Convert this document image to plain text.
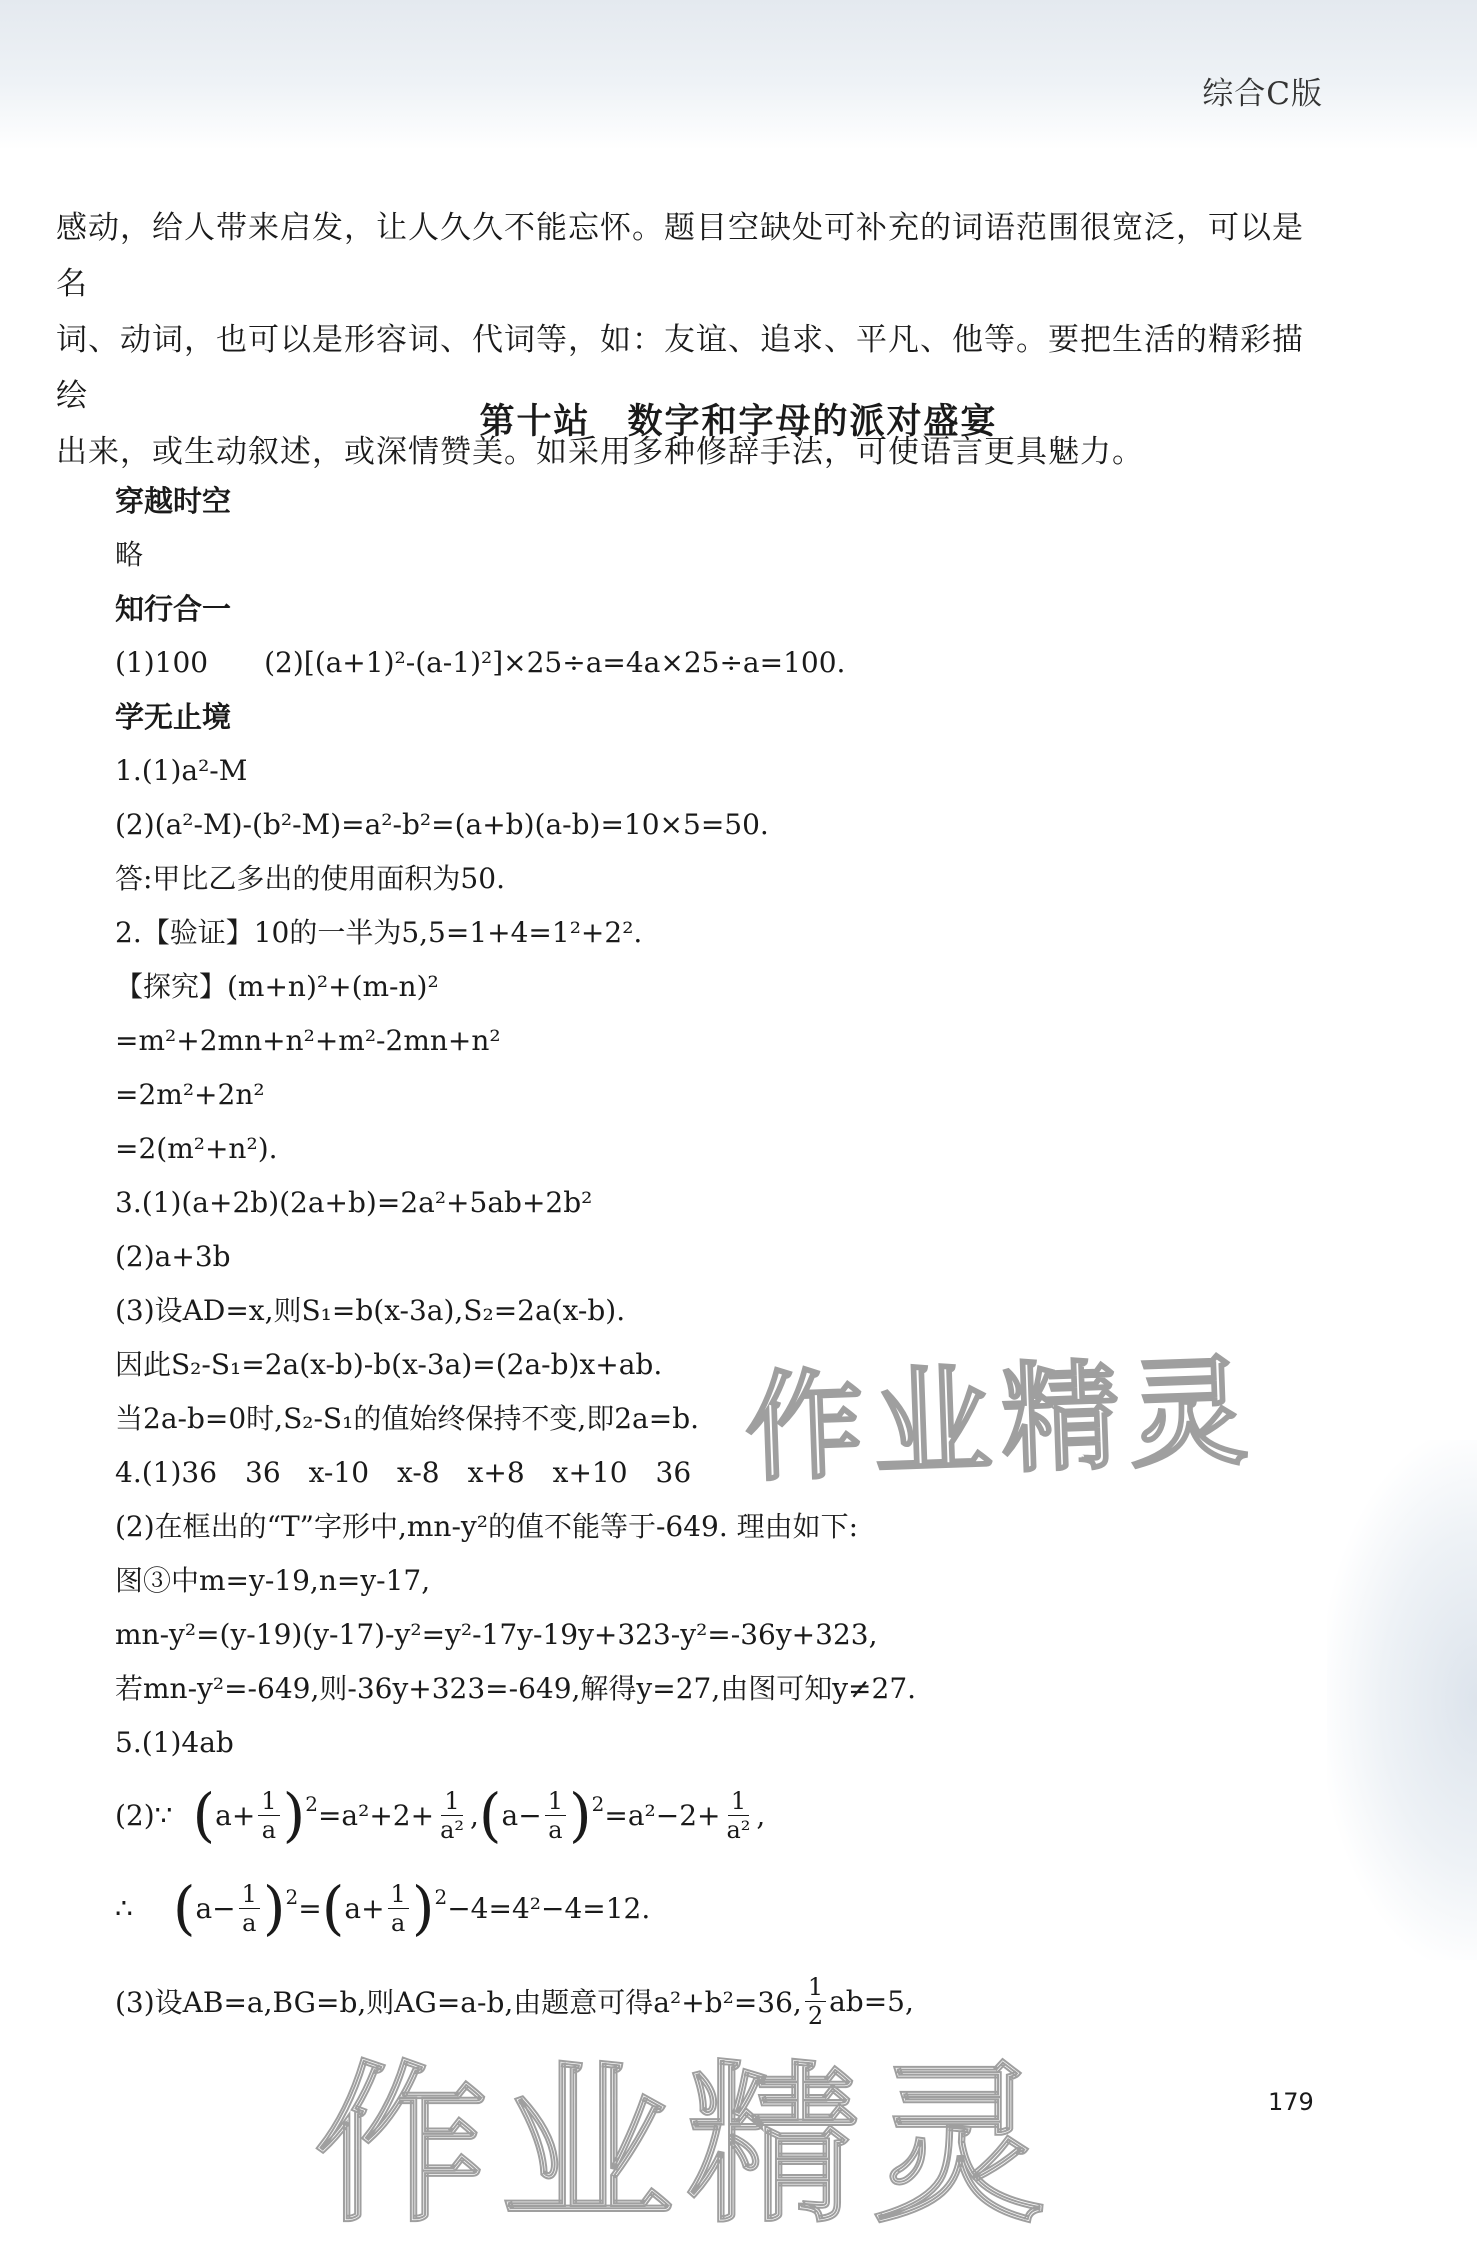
综合C版

感动，给人带来启发，让人久久不能忘怀。题目空缺处可补充的词语范围很宽泛，可以是名

词、动词，也可以是形容词、代词等，如：友谊、追求、平凡、他等。要把生活的精彩描绘

出来，或生动叙述，或深情赞美。如采用多种修辞手法，可使语言更具魅力。

第十站　数字和字母的派对盛宴
穿越时空
略
知行合一
(1)100　　(2)[(a+1)²-(a-1)²]×25÷a=4a×25÷a=100.
学无止境
1.(1)a²-M
(2)(a²-M)-(b²-M)=a²-b²=(a+b)(a-b)=10×5=50.
答:甲比乙多出的使用面积为50.
2.【验证】10的一半为5,5=1+4=1²+2².
【探究】(m+n)²+(m-n)²
=m²+2mn+n²+m²-2mn+n²
=2m²+2n²
=2(m²+n²).
3.(1)(a+2b)(2a+b)=2a²+5ab+2b²
(2)a+3b
(3)设AD=x,则S₁=b(x-3a),S₂=2a(x-b).
因此S₂-S₁=2a(x-b)-b(x-3a)=(2a-b)x+ab.
当2a-b=0时,S₂-S₁的值始终保持不变,即2a=b.
4.(1)36　36　x-10　x-8　x+8　x+10　36
(2)在框出的“T”字形中,mn-y²的值不能等于-649. 理由如下:
图③中m=y-19,n=y-17,
mn-y²=(y-19)(y-17)-y²=y²-17y-19y+323-y²=-36y+323,
若mn-y²=-649,则-36y+323=-649,解得y=27,由图可知y≠27.
5.(1)4ab
(2)∵ ( $a+ \frac{1}{a}$ ) $2 =a^2+2+ \frac{1}{\text{a²}}$ , ( $a- \frac{1}{a}$ ) $2 =a^2-2+ \frac{1}{\text{a²}}$ ,
∴ ( $a- \frac{1}{a}$ ) 2 = ( $a+ \frac{1}{a}$ ) 2 −4=4²−4=12.
(3)设AB=a,BG=b,则AG=a-b,由题意可得a²+b²=36, $\frac{1}{2} ab=5$,
作业精灵
作业精灵	179
